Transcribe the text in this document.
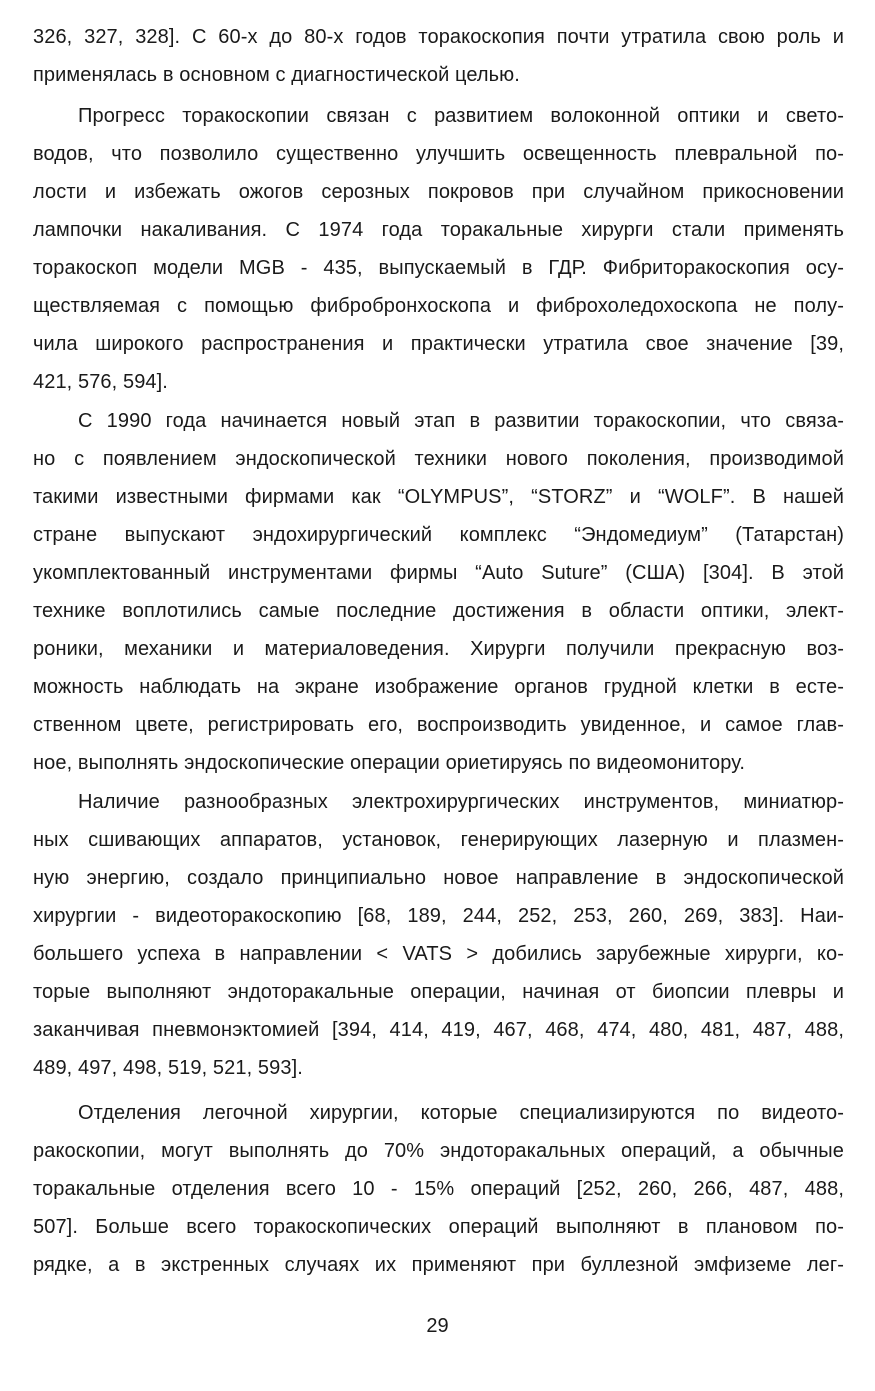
326, 327, 328]. С 60-х до 80-х годов торакоскопия почти утратила свою роль и
применялась в основном с диагностической целью.
Прогресс торакоскопии связан с развитием волоконной оптики и свето-
водов, что позволило существенно улучшить освещенность плевральной по-
лости и избежать ожогов серозных покровов при случайном прикосновении
лампочки накаливания. С 1974 года торакальные хирурги стали применять
торакоскоп модели MGB - 435, выпускаемый в ГДР. Фибриторакоскопия осу-
ществляемая с помощью фибробронхоскопа и фиброхоледохоскопа не полу-
чила широкого распространения и практически утратила свое значение [39,
421, 576, 594].
С 1990 года начинается новый этап в развитии торакоскопии, что связа-
но с появлением эндоскопической техники нового поколения, производимой
такими известными фирмами как “OLYMPUS”, “STORZ” и “WOLF”. В нашей
стране выпускают эндохирургический комплекс “Эндомедиум” (Татарстан)
укомплектованный инструментами фирмы “Auto Suture” (США) [304]. В этой
технике воплотились самые последние достижения в области оптики, элект-
роники, механики и материаловедения. Хирурги получили прекрасную воз-
можность наблюдать на экране изображение органов грудной клетки в есте-
ственном цвете, регистрировать его, воспроизводить увиденное, и самое глав-
ное, выполнять эндоскопические операции ориетируясь по видеомонитору.
Наличие разнообразных электрохирургических инструментов, миниатюр-
ных сшивающих аппаратов, установок, генерирующих лазерную и плазмен-
ную энергию, создало принципиально новое направление в эндоскопической
хирургии - видеоторакоскопию [68, 189, 244, 252, 253, 260, 269, 383]. Наи-
большего успеха в направлении < VATS > добились зарубежные хирурги, ко-
торые выполняют эндоторакальные операции, начиная от биопсии плевры и
заканчивая пневмонэктомией [394, 414, 419, 467, 468, 474, 480, 481, 487, 488,
489, 497, 498, 519, 521, 593].
Отделения легочной хирургии, которые специализируются по видеото-
ракоскопии, могут выполнять до 70% эндоторакальных операций, а обычные
торакальные отделения всего 10 - 15% операций [252, 260, 266, 487, 488,
507]. Больше всего торакоскопических операций выполняют в плановом по-
рядке, а в экстренных случаях их применяют при буллезной эмфиземе лег-
29
